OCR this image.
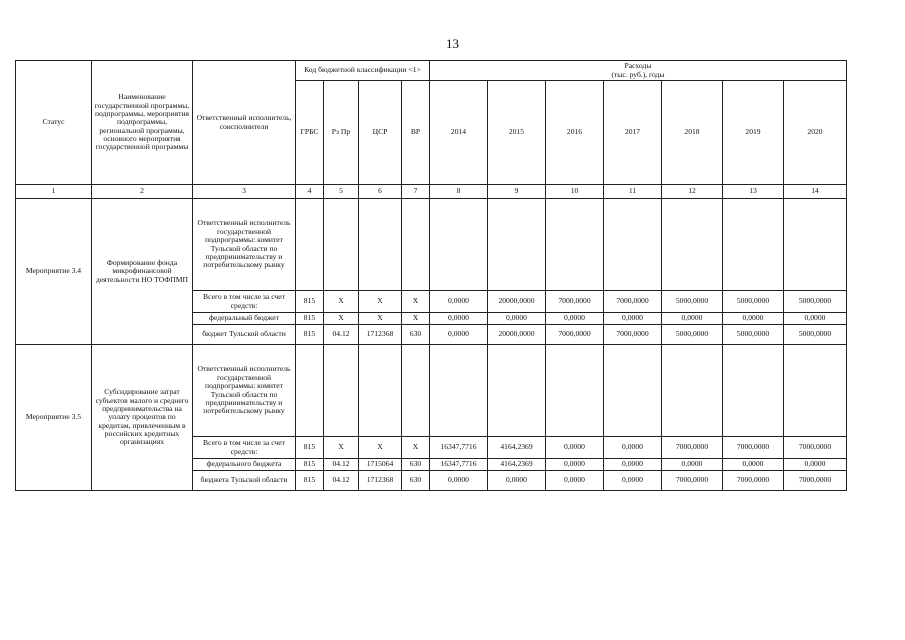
13
Статус	Наименование государственной программы, подпрограммы, мероприятия подпрограммы, региональной программы, основного мероприятия государственной программы	Ответственный исполнитель, соисполнители	Код бюджетной классификации <1>				Расходы
(тыс. руб.), годы						

			ГРБС	Рз Пр	ЦСР	ВР	2014	2015	2016	2017	2018	2019	2020
1	2	3	4	5	6	7	8	9	10	11	12	13	14
Мероприятие 3.4	Формирование фонда микрофинансовой деятельности НО ТОФПМП	Ответственный исполнитель государственной подпрограммы: комитет Тульской области по предпринимательству и потребительскому рынку											
		Всего в том числе за счет средств:	815	X	X	X	0,0000	20000,0000	7000,0000	7000,0000	5000,0000	5000,0000	5000,0000
		федеральный бюджет	815	X	X	X	0,0000	0,0000	0,0000	0,0000	0,0000	0,0000	0,0000
		бюджет Тульской области	815	04.12	1712368	630	0,0000	20000,0000	7000,0000	7000,0000	5000,0000	5000,0000	5000,0000
Мероприятие 3.5	Субсидирование затрат субъектов малого и среднего предпринимательства на уплату процентов по кредитам, привлеченным в российских кредитных организациях	Ответственный исполнитель государственной подпрограммы: комитет Тульской области по предпринимательству и потребительскому рынку											
		Всего в том числе за счет средств:	815	X	X	X	16347,7716	4164,2369	0,0000	0,0000	7000,0000	7000,0000	7000,0000
		федерального бюджета	815	04.12	1715064	630	16347,7716	4164,2369	0,0000	0,0000	0,0000	0,0000	0,0000
		бюджета Тульской области	815	04.12	1712368	630	0,0000	0,0000	0,0000	0,0000	7000,0000	7000,0000	7000,0000
